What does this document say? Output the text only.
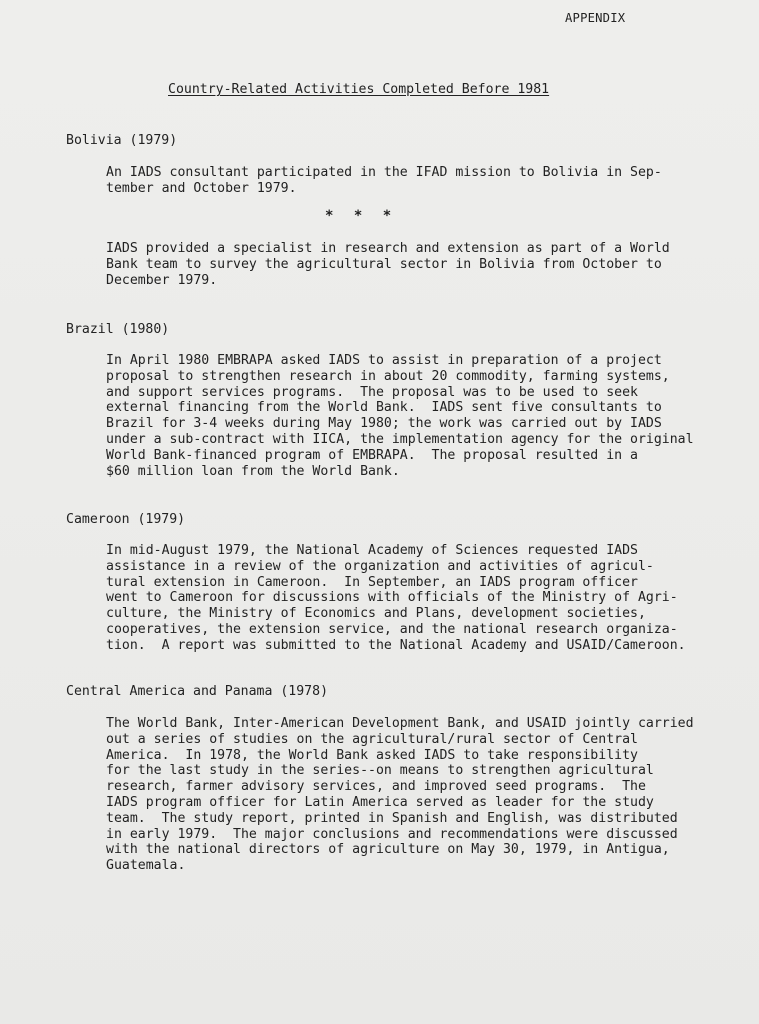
APPENDIX
Country-Related Activities Completed Before 1981
Bolivia (1979)
An IADS consultant participated in the IFAD mission to Bolivia in Sep-
tember and October 1979.
* * *
IADS provided a specialist in research and extension as part of a World
Bank team to survey the agricultural sector in Bolivia from October to
December 1979.
Brazil (1980)
In April 1980 EMBRAPA asked IADS to assist in preparation of a project
proposal to strengthen research in about 20 commodity, farming systems,
and support services programs.  The proposal was to be used to seek
external financing from the World Bank.  IADS sent five consultants to
Brazil for 3-4 weeks during May 1980; the work was carried out by IADS
under a sub-contract with IICA, the implementation agency for the original
World Bank-financed program of EMBRAPA.  The proposal resulted in a
$60 million loan from the World Bank.
Cameroon (1979)
In mid-August 1979, the National Academy of Sciences requested IADS
assistance in a review of the organization and activities of agricul-
tural extension in Cameroon.  In September, an IADS program officer
went to Cameroon for discussions with officials of the Ministry of Agri-
culture, the Ministry of Economics and Plans, development societies,
cooperatives, the extension service, and the national research organiza-
tion.  A report was submitted to the National Academy and USAID/Cameroon.
Central America and Panama (1978)
The World Bank, Inter-American Development Bank, and USAID jointly carried
out a series of studies on the agricultural/rural sector of Central
America.  In 1978, the World Bank asked IADS to take responsibility
for the last study in the series--on means to strengthen agricultural
research, farmer advisory services, and improved seed programs.  The
IADS program officer for Latin America served as leader for the study
team.  The study report, printed in Spanish and English, was distributed
in early 1979.  The major conclusions and recommendations were discussed
with the national directors of agriculture on May 30, 1979, in Antigua,
Guatemala.
